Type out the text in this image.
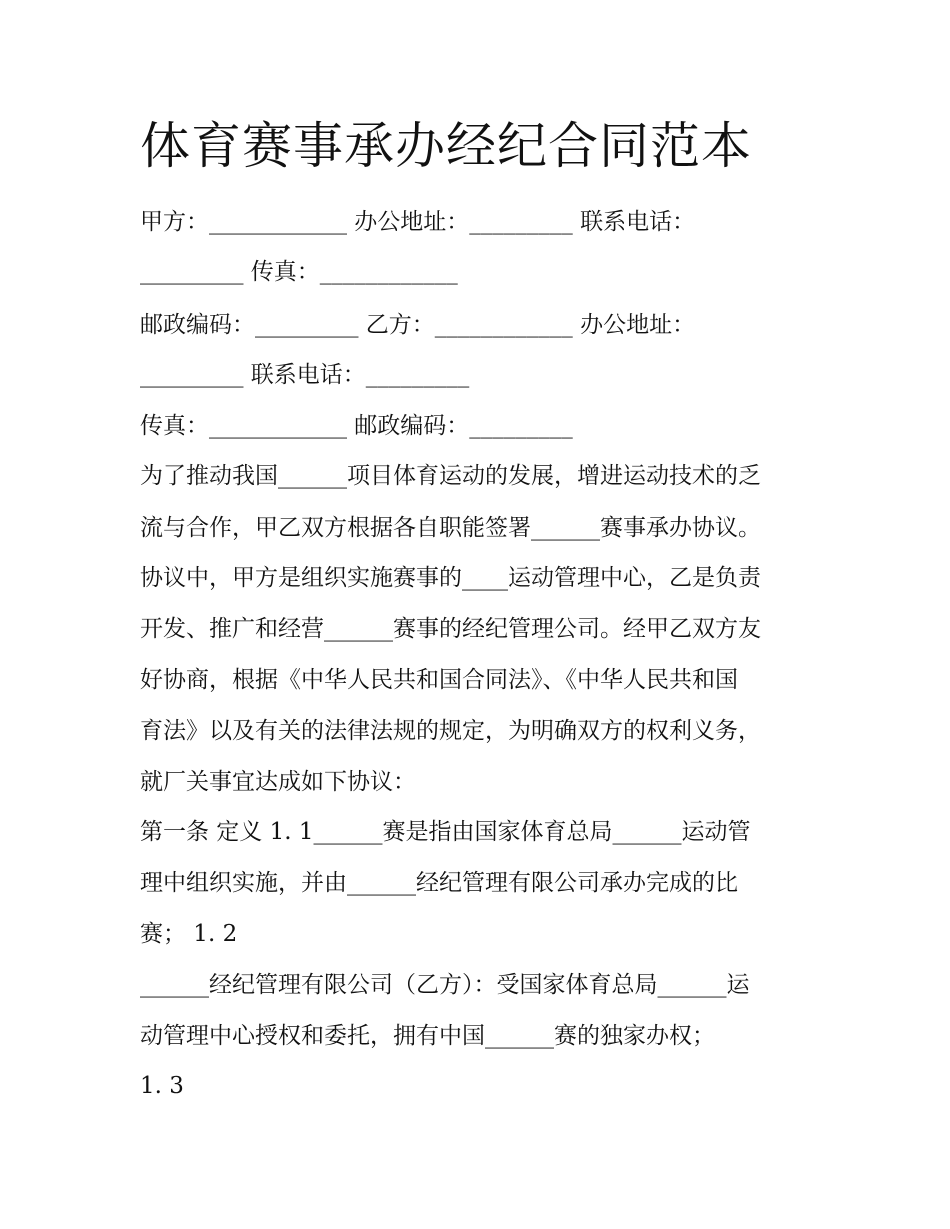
体育赛事承办经纪合同范本

甲方：____________ 办公地址：_________ 联系电话：

_________ 传真：____________

邮政编码：_________ 乙方：____________ 办公地址：

_________ 联系电话：_________

传真：____________ 邮政编码：_________

为了推动我国______项目体育运动的发展，增进运动技术的乏

流与合作，甲乙双方根据各自职能签署______赛事承办协议。

协议中，甲方是组织实施赛事的____运动管理中心，乙是负责

开发、推广和经营______赛事的经纪管理公司。经甲乙双方友

好协商，根据《中华人民共和国合同法》、《中华人民共和国

育法》以及有关的法律法规的规定，为明确双方的权利义务，

就厂关事宜达成如下协议：

第一条 定义 1. 1______赛是指由国家体育总局______运动管

理中组织实施，并由______经纪管理有限公司承办完成的比

赛； 1. 2

______经纪管理有限公司（乙方）：受国家体育总局______运

动管理中心授权和委托，拥有中国______赛的独家办权；

1. 3
